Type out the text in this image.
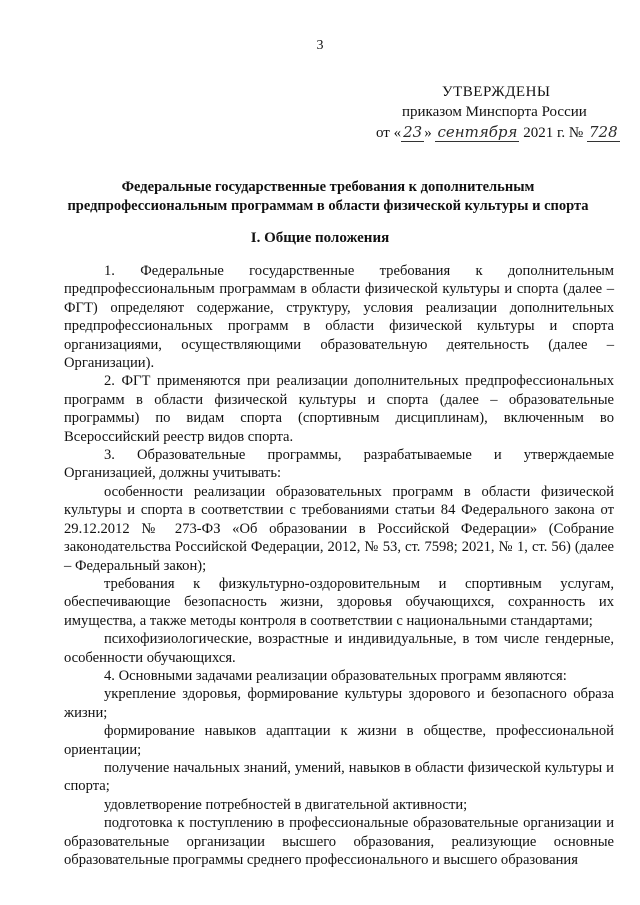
3
УТВЕРЖДЕНЫ
приказом Минспорта России
от « 23 » сентября 2021 г. № 728
Федеральные государственные требования к дополнительным предпрофессиональным программам в области физической культуры и спорта
I. Общие положения

1. Федеральные государственные требования к дополнительным предпрофессиональным программам в области физической культуры и спорта (далее – ФГТ) определяют содержание, структуру, условия реализации дополнительных предпрофессиональных программ в области физической культуры и спорта организациями, осуществляющими образовательную деятельность (далее – Организации).

2. ФГТ применяются при реализации дополнительных предпрофессиональных программ в области физической культуры и спорта (далее – образовательные программы) по видам спорта (спортивным дисциплинам), включенным во Всероссийский реестр видов спорта.

3. Образовательные программы, разрабатываемые и утверждаемые Организацией, должны учитывать:

особенности реализации образовательных программ в области физической культуры и спорта в соответствии с требованиями статьи 84 Федерального закона от 29.12.2012 № 273-ФЗ «Об образовании в Российской Федерации» (Собрание законодательства Российской Федерации, 2012, № 53, ст. 7598; 2021, № 1, ст. 56) (далее – Федеральный закон);

требования к физкультурно-оздоровительным и спортивным услугам, обеспечивающие безопасность жизни, здоровья обучающихся, сохранность их имущества, а также методы контроля в соответствии с национальными стандартами;

психофизиологические, возрастные и индивидуальные, в том числе гендерные, особенности обучающихся.

4. Основными задачами реализации образовательных программ являются:

укрепление здоровья, формирование культуры здорового и безопасного образа жизни;

формирование навыков адаптации к жизни в обществе, профессиональной ориентации;

получение начальных знаний, умений, навыков в области физической культуры и спорта;

удовлетворение потребностей в двигательной активности;

подготовка к поступлению в профессиональные образовательные организации и образовательные организации высшего образования, реализующие основные образовательные программы среднего профессионального и высшего образования
